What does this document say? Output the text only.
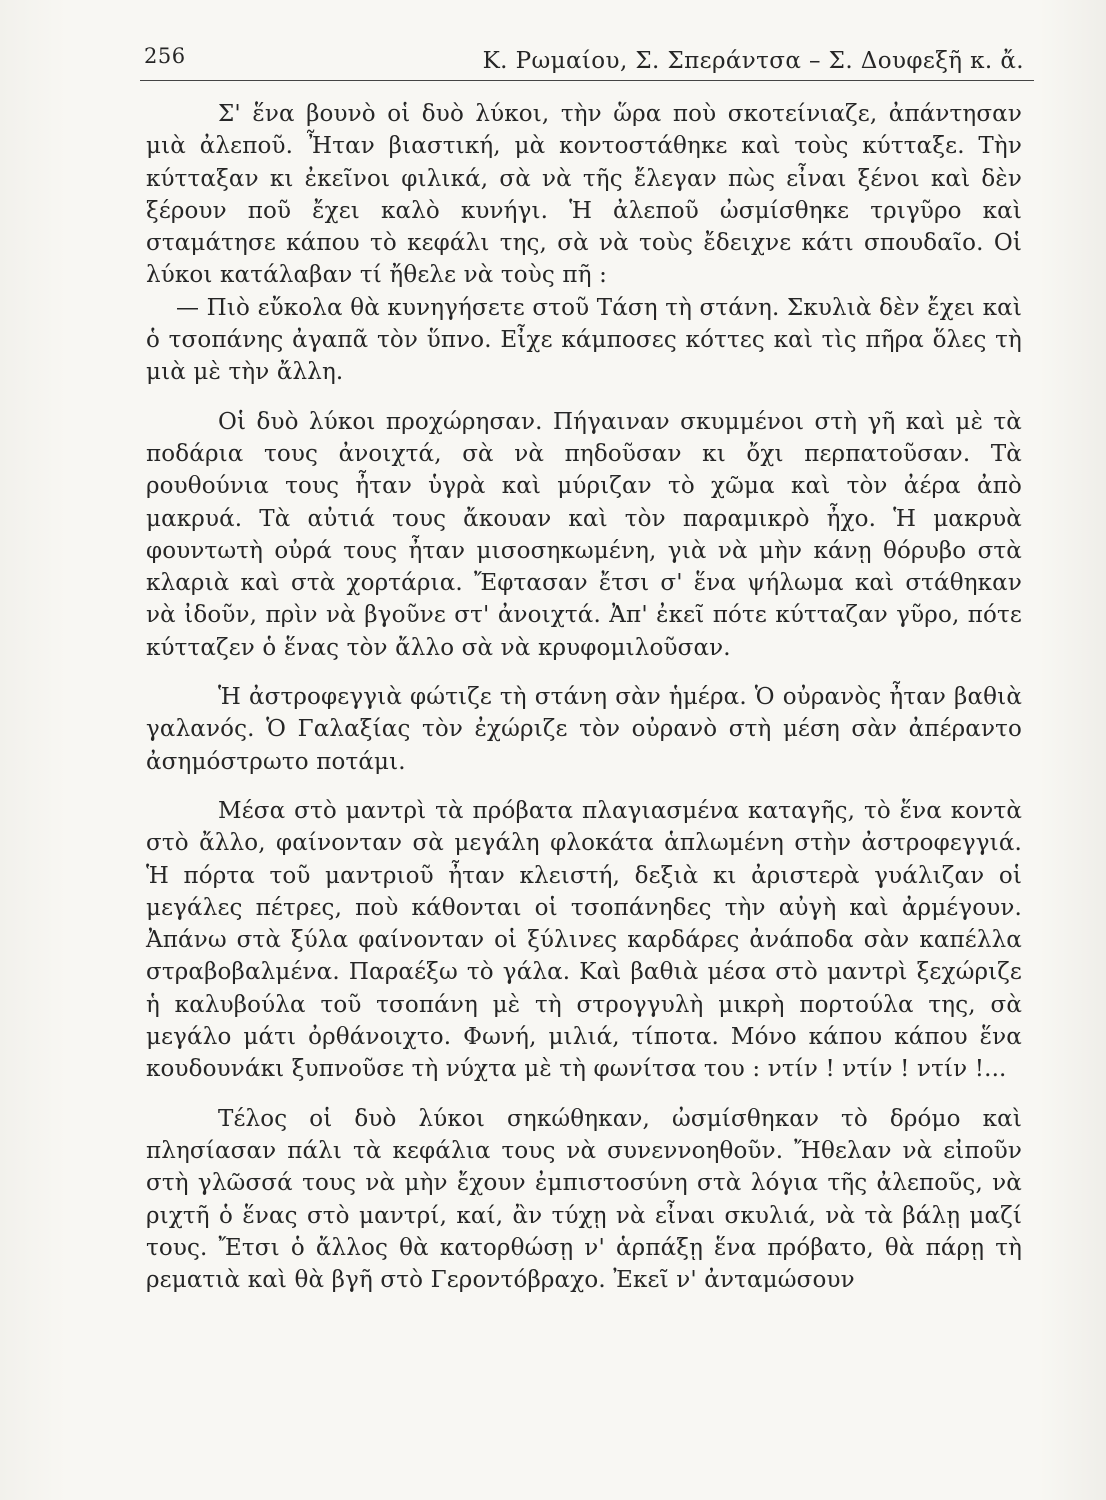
256	Κ. Ρωμαίου, Σ. Σπεράντσα – Σ. Δουφεξῆ κ. ἄ.

Σ' ἕνα βουνὸ οἱ δυὸ λύκοι, τὴν ὥρα ποὺ σκοτείνιαζε, ἀπάντησαν μιὰ ἀλεποῦ. Ἦταν βιαστική, μὰ κοντοστάθηκε καὶ τοὺς κύτταξε. Τὴν κύτταξαν κι ἐκεῖνοι φιλικά, σὰ νὰ τῆς ἔλεγαν πὼς εἶναι ξένοι καὶ δὲν ξέρουν ποῦ ἔχει καλὸ κυνήγι. Ἡ ἀλεποῦ ὠσμίσθηκε τριγῦρο καὶ σταμάτησε κάπου τὸ κεφάλι της, σὰ νὰ τοὺς ἔδειχνε κάτι σπουδαῖο. Οἱ λύκοι κατάλαβαν τί ἤθελε νὰ τοὺς πῆ :

— Πιὸ εὔκολα θὰ κυνηγήσετε στοῦ Τάση τὴ στάνη. Σκυλιὰ δὲν ἔχει καὶ ὁ τσοπάνης ἀγαπᾶ τὸν ὕπνο. Εἶχε κάμποσες κόττες καὶ τὶς πῆρα ὅλες τὴ μιὰ μὲ τὴν ἄλλη.

Οἱ δυὸ λύκοι προχώρησαν. Πήγαιναν σκυμμένοι στὴ γῆ καὶ μὲ τὰ ποδάρια τους ἀνοιχτά, σὰ νὰ πηδοῦσαν κι ὄχι περπατοῦσαν. Τὰ ρουθούνια τους ἦταν ὑγρὰ καὶ μύριζαν τὸ χῶμα καὶ τὸν ἀέρα ἀπὸ μακρυά. Τὰ αὐτιά τους ἄκουαν καὶ τὸν παραμικρὸ ἦχο. Ἡ μακρυὰ φουντωτὴ οὐρά τους ἦταν μισοσηκωμένη, γιὰ νὰ μὴν κάνῃ θόρυβο στὰ κλαριὰ καὶ στὰ χορτάρια. Ἔφτασαν ἔτσι σ' ἕνα ψήλωμα καὶ στάθηκαν νὰ ἰδοῦν, πρὶν νὰ βγοῦνε στ' ἀνοιχτά. Ἀπ' ἐκεῖ πότε κύτταζαν γῦρο, πότε κύτταζεν ὁ ἕνας τὸν ἄλλο σὰ νὰ κρυφομιλοῦσαν.

Ἡ ἀστροφεγγιὰ φώτιζε τὴ στάνη σὰν ἡμέρα. Ὁ οὐρανὸς ἦταν βαθιὰ γαλανός. Ὁ Γαλαξίας τὸν ἐχώριζε τὸν οὐρανὸ στὴ μέση σὰν ἀπέραντο ἀσημόστρωτο ποτάμι.

Μέσα στὸ μαντρὶ τὰ πρόβατα πλαγιασμένα καταγῆς, τὸ ἕνα κοντὰ στὸ ἄλλο, φαίνονταν σὰ μεγάλη φλοκάτα ἁπλωμένη στὴν ἀστροφεγγιά. Ἡ πόρτα τοῦ μαντριοῦ ἦταν κλειστή, δεξιὰ κι ἀριστερὰ γυάλιζαν οἱ μεγάλες πέτρες, ποὺ κάθονται οἱ τσοπάνηδες τὴν αὐγὴ καὶ ἀρμέγουν. Ἀπάνω στὰ ξύλα φαίνονταν οἱ ξύλινες καρδάρες ἀνάποδα σὰν καπέλλα στραβοβαλμένα. Παραέξω τὸ γάλα. Καὶ βαθιὰ μέσα στὸ μαντρὶ ξεχώριζε ἡ καλυβούλα τοῦ τσοπάνη μὲ τὴ στρογγυλὴ μικρὴ πορτούλα της, σὰ μεγάλο μάτι ὀρθάνοιχτο. Φωνή, μιλιά, τίποτα. Μόνο κάπου κάπου ἕνα κουδουνάκι ξυπνοῦσε τὴ νύχτα μὲ τὴ φωνίτσα του : ντίν ! ντίν ! ντίν !...

Τέλος οἱ δυὸ λύκοι σηκώθηκαν, ὠσμίσθηκαν τὸ δρόμο καὶ πλησίασαν πάλι τὰ κεφάλια τους νὰ συνεννοηθοῦν. Ἤθελαν νὰ εἰποῦν στὴ γλῶσσά τους νὰ μὴν ἔχουν ἐμπιστοσύνη στὰ λόγια τῆς ἀλεποῦς, νὰ ριχτῆ ὁ ἕνας στὸ μαντρί, καί, ἂν τύχῃ νὰ εἶναι σκυλιά, νὰ τὰ βάλῃ μαζί τους. Ἔτσι ὁ ἄλλος θὰ κατορθώσῃ ν' ἁρπάξῃ ἕνα πρόβατο, θὰ πάρῃ τὴ ρεματιὰ καὶ θὰ βγῆ στὸ Γεροντόβραχο. Ἐκεῖ ν' ἀνταμώσουν
